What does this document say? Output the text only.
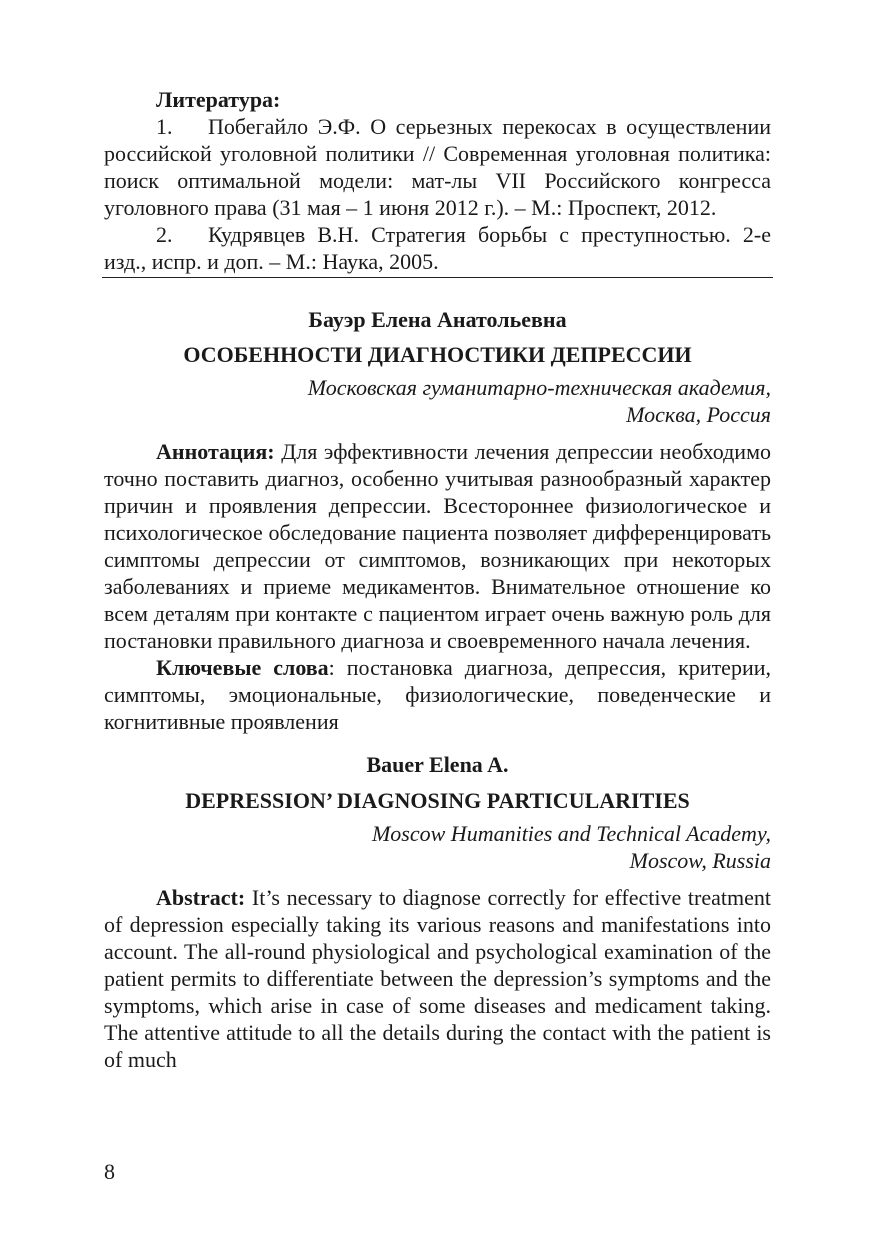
Литература:

1. Побегайло Э.Ф. О серьезных перекосах в осуществлении российской уголовной политики // Современная уголовная политика: поиск оптимальной модели: мат-лы VII Российского конгресса уголовного права (31 мая – 1 июня 2012 г.). – М.: Проспект, 2012.

2. Кудрявцев В.Н. Стратегия борьбы с преступностью. 2-е изд., испр. и доп. – М.: Наука, 2005.

Бауэр Елена Анатольевна

ОСОБЕННОСТИ ДИАГНОСТИКИ ДЕПРЕССИИ

Московская гуманитарно-техническая академия,
Москва, Россия

Аннотация: Для эффективности лечения депрессии необходимо точно поставить диагноз, особенно учитывая разнообразный характер причин и проявления депрессии. Всестороннее физиологическое и психологическое обследование пациента позволяет дифференцировать симптомы депрессии от симптомов, возникающих при некоторых заболеваниях и приеме медикаментов. Внимательное отношение ко всем деталям при контакте с пациентом играет очень важную роль для постановки правильного диагноза и своевременного начала лечения.

Ключевые слова: постановка диагноза, депрессия, критерии, симптомы, эмоциональные, физиологические, поведенческие и когнитивные проявления

Bauer Elena A.

DEPRESSION’ DIAGNOSING PARTICULARITIES

Moscow Humanities and Technical Academy,
Moscow, Russia

Abstract: It’s necessary to diagnose correctly for effective treatment of depression especially taking its various reasons and manifestations into account. The all-round physiological and psychological examination of the patient permits to differentiate between the depression’s symptoms and the symptoms, which arise in case of some diseases and medicament taking. The attentive attitude to all the details during the contact with the patient is of much

8
